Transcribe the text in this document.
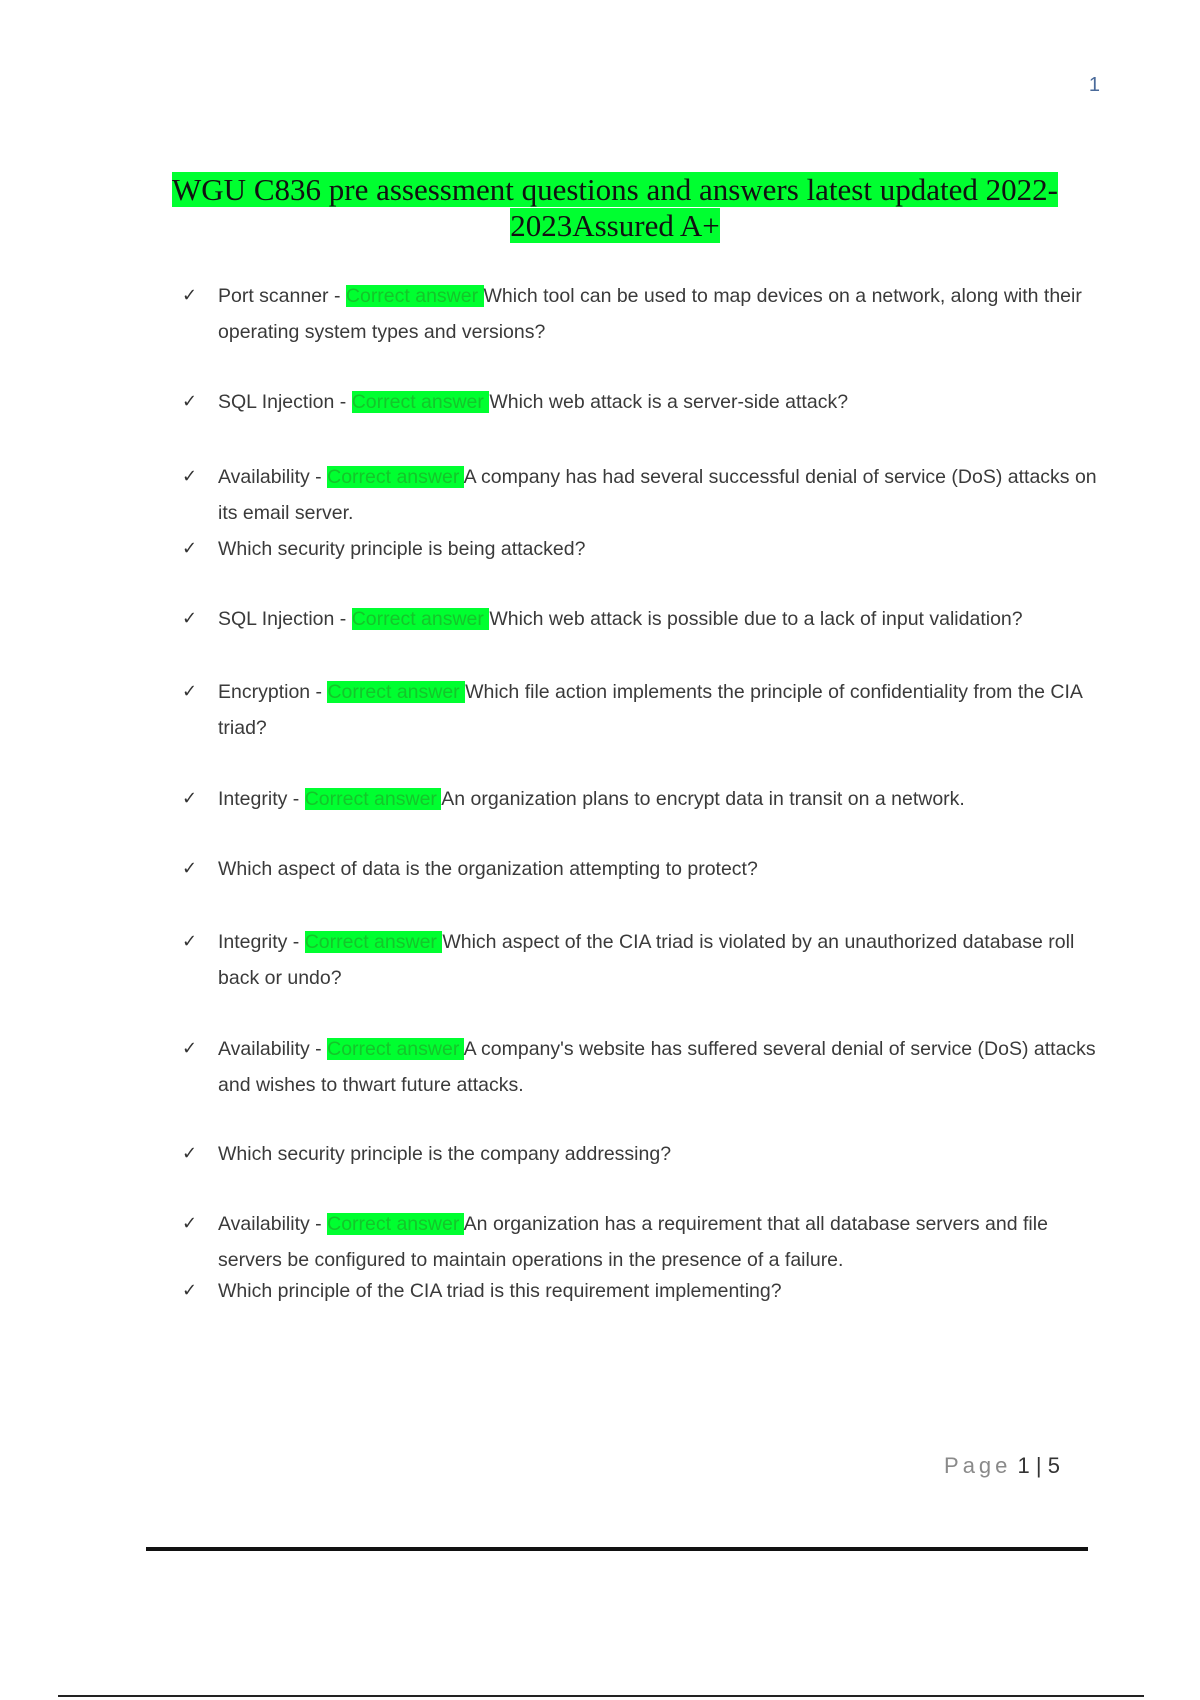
1
WGU C836 pre assessment questions and answers latest updated 2022-
2023Assured A+
✓ Port scanner - Correct answer Which tool can be used to map devices on a network, along with their operating system types and versions?
✓ SQL Injection - Correct answer Which web attack is a server-side attack?
✓ Availability - Correct answer A company has had several successful denial of service (DoS) attacks on its email server.
✓ Which security principle is being attacked?
✓ SQL Injection - Correct answer Which web attack is possible due to a lack of input validation?
✓ Encryption - Correct answer Which file action implements the principle of confidentiality from the CIA triad?
✓ Integrity - Correct answer An organization plans to encrypt data in transit on a network.
✓ Which aspect of data is the organization attempting to protect?
✓ Integrity - Correct answer Which aspect of the CIA triad is violated by an unauthorized database roll back or undo?
✓ Availability - Correct answer A company's website has suffered several denial of service (DoS) attacks and wishes to thwart future attacks.
✓ Which security principle is the company addressing?
✓ Availability - Correct answer An organization has a requirement that all database servers and file servers be configured to maintain operations in the presence of a failure.
✓ Which principle of the CIA triad is this requirement implementing?
Page 1 | 5
